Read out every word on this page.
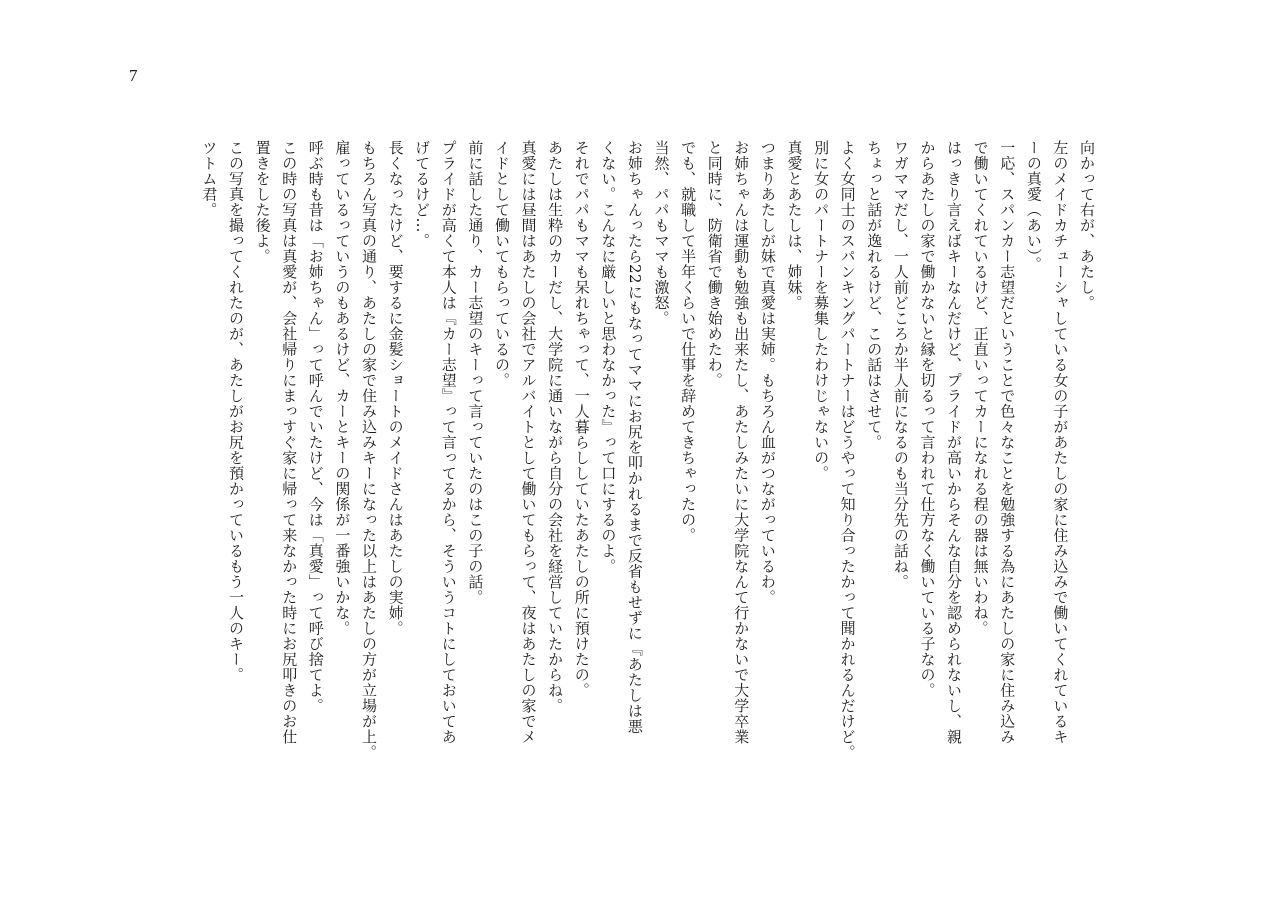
7
向かって右が、あたし。
左のメイドカチューシャしている女の子があたしの家に住み込みで働いてくれているキ
ーの真愛（あい）。
一応、スパンカー志望だということで色々なことを勉強する為にあたしの家に住み込み
で働いてくれているけど、正直いってカーになれる程の器は無いわね。
はっきり言えばキーなんだけど、プライドが高いからそんな自分を認められないし、親
からあたしの家で働かないと縁を切るって言われて仕方なく働いている子なの。
ワガママだし、一人前どころか半人前になるのも当分先の話ね。
ちょっと話が逸れるけど、この話はさせて。
よく女同士のスパンキングパートナーはどうやって知り合ったかって聞かれるんだけど。
別に女のパートナーを募集したわけじゃないの。
真愛とあたしは、姉妹。
つまりあたしが妹で真愛は実姉。もちろん血がつながっているわ。
お姉ちゃんは運動も勉強も出来たし、あたしみたいに大学院なんて行かないで大学卒業
と同時に、防衛省で働き始めたわ。
でも、就職して半年くらいで仕事を辞めてきちゃったの。
当然、パパもママも激怒。
お姉ちゃんったら22にもなってママにお尻を叩かれるまで反省もせずに『あたしは悪
くない。こんなに厳しいと思わなかった』って口にするのよ。
それでパパもママも呆れちゃって、一人暮らししていたあたしの所に預けたの。
あたしは生粋のカーだし、大学院に通いながら自分の会社を経営していたからね。
真愛には昼間はあたしの会社でアルバイトとして働いてもらって、夜はあたしの家でメ
イドとして働いてもらっているの。
前に話した通り、カー志望のキーって言っていたのはこの子の話。
プライドが高くて本人は『カー志望』って言ってるから、そういうコトにしておいてあ
げてるけど…。
長くなったけど、要するに金髪ショートのメイドさんはあたしの実姉。
もちろん写真の通り、あたしの家で住み込みキーになった以上はあたしの方が立場が上。
雇っているっていうのもあるけど、カーとキーの関係が一番強いかな。
呼ぶ時も昔は「お姉ちゃん」って呼んでいたけど、今は「真愛」って呼び捨てよ。
この時の写真は真愛が、会社帰りにまっすぐ家に帰って来なかった時にお尻叩きのお仕
置きをした後よ。
この写真を撮ってくれたのが、あたしがお尻を預かっているもう一人のキー。
ツトム君。
